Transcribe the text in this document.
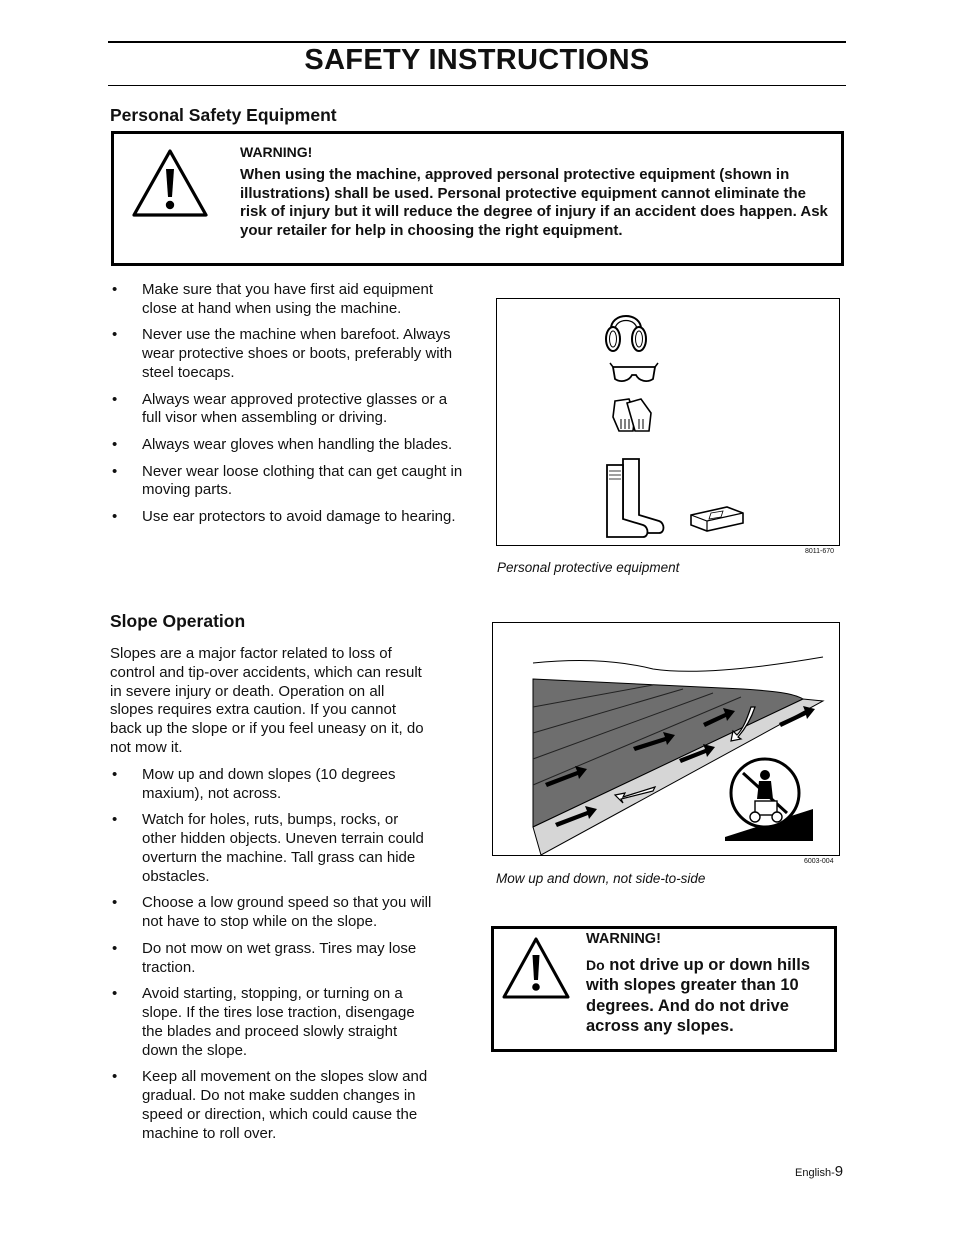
SAFETY INSTRUCTIONS
Personal Safety Equipment
WARNING!
When using the machine, approved personal protective equipment (shown in illustrations) shall be used. Personal protective equipment cannot eliminate the risk of injury but it will reduce the degree of injury if an accident does happen. Ask your retailer for help in choosing the right equipment.
• Make sure that you have first aid equipment close at hand when using the machine.
• Never use the machine when barefoot. Always wear protective shoes or boots, preferably with steel toecaps.
• Always wear approved protective glasses or a full visor when assembling or driving.
• Always wear gloves when handling the blades.
• Never wear loose clothing that can get caught in moving parts.
• Use ear protectors to avoid damage to hearing.
8011-670
Personal protective equipment
Slope Operation
Slopes are a major factor related to loss of control and tip-over accidents, which can result in severe injury or death. Operation on all slopes requires extra caution. If you cannot back up the slope or if you feel uneasy on it, do not mow it.
• Mow up and down slopes (10 degrees maxium), not across.
• Watch for holes, ruts, bumps, rocks, or other hidden objects. Uneven terrain could overturn the machine. Tall grass can hide obstacles.
• Choose a low ground speed so that you will not have to stop while on the slope.
• Do not mow on wet grass. Tires may lose traction.
• Avoid starting, stopping, or turning on a slope. If the tires lose traction, disengage the blades and proceed slowly straight down the slope.
• Keep all movement on the slopes slow and gradual. Do not make sudden changes in speed or direction, which could cause the machine to roll over.
6003-004
Mow up and down, not side-to-side
WARNING!
Do not drive up or down hills with slopes greater than 10 degrees. And do not drive across any slopes.
English-9
